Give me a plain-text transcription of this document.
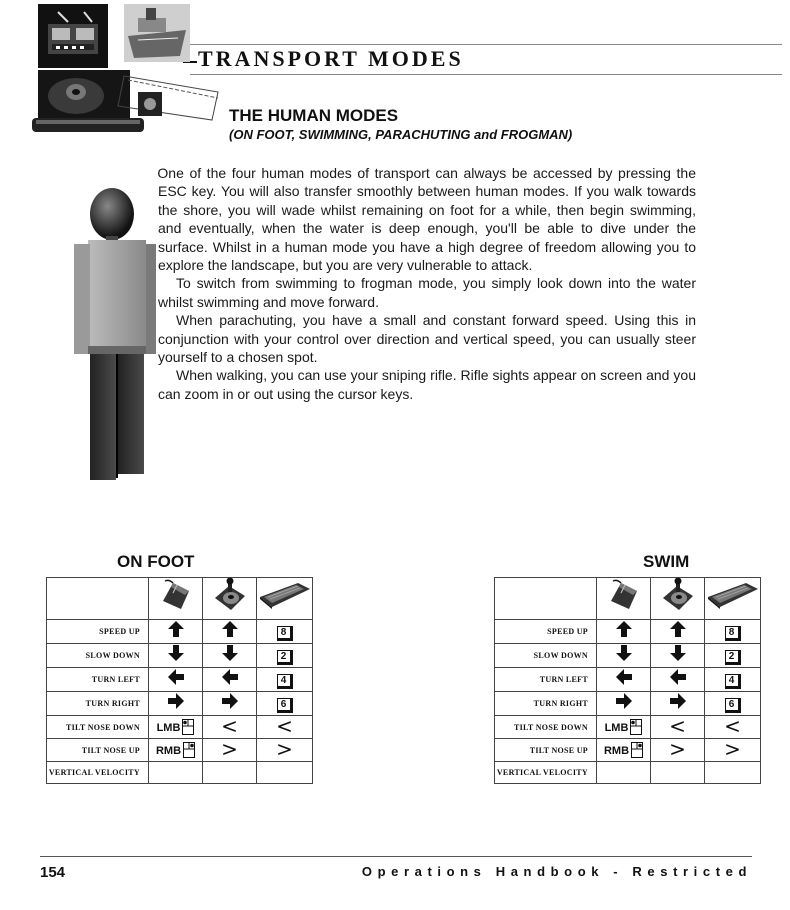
TRANSPORT MODES
THE HUMAN MODES
(ON FOOT, SWIMMING, PARACHUTING and FROGMAN)

One of the four human modes of transport can always be accessed by pressing the ESC key. You will also transfer smoothly between human modes. If you walk towards the shore, you will wade whilst remaining on foot for a while, then begin swimming, and eventually, when the water is deep enough, you'll be able to dive under the surface. Whilst in a human mode you have a high degree of freedom allowing you to explore the landscape, but you are very vulnerable to attack.

To switch from swimming to frogman mode, you simply look down into the water whilst swimming and move forward.

When parachuting, you have a small and constant forward speed. Using this in conjunction with your control over direction and vertical speed, you can usually steer yourself to a chosen spot.

When walking, you can use your sniping rifle. Rifle sights appear on screen and you can zoom in or out using the cursor keys.

ON FOOT

SPEED UP			8
SLOW DOWN			2
TURN LEFT			4
TURN RIGHT			6
TILT NOSE DOWN	LMB	<	<
TILT NOSE UP	RMB	>	>
VERTICAL VELOCITY			
SWIM

SPEED UP			8
SLOW DOWN			2
TURN LEFT			4
TURN RIGHT			6
TILT NOSE DOWN	LMB	<	<
TILT NOSE UP	RMB	>	>
VERTICAL VELOCITY			
154	Operations Handbook - Restricted
